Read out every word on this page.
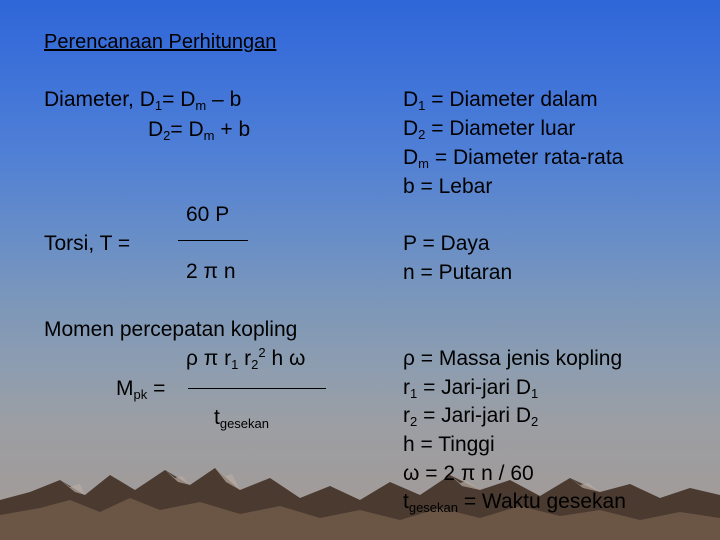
Perencanaan Perhitungan
Diameter, $D_1= D_m - b$
$D_2= D_m + b$
60 P
Torsi, T =
2 π n
Momen percepatan kopling
ρ π $r_1$ $r_2^2$ h ω
$M_{pk}$ =
$t_{gesekan}$
$D_1$ = Diameter dalam
$D_2$ = Diameter luar
$D_m$ = Diameter rata-rata
b = Lebar
P = Daya
n = Putaran
ρ = Massa jenis kopling
$r_1$ = Jari-jari $D_1$
$r_2$ = Jari-jari $D_2$
h = Tinggi
ω = 2 π n / 60
$t_{gesekan}$ = Waktu gesekan
